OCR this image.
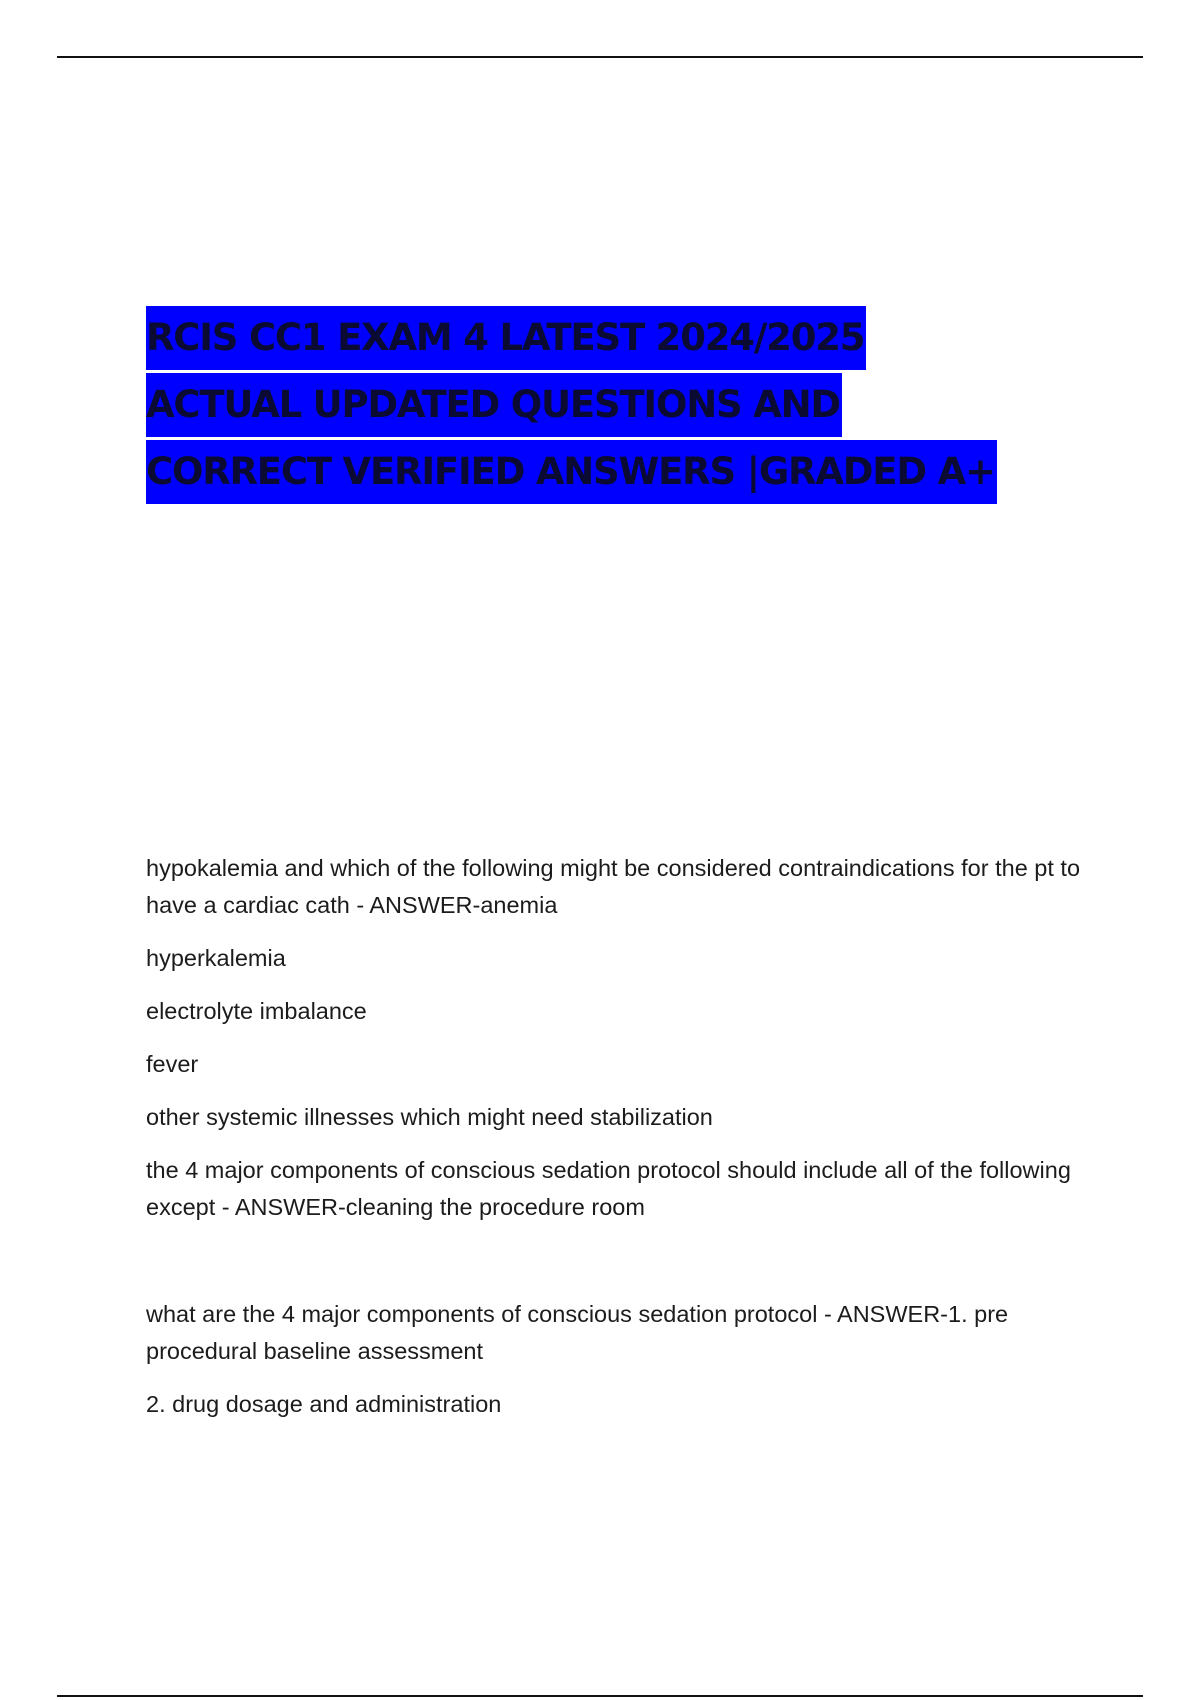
RCIS CC1 EXAM 4 LATEST 2024/2025
ACTUAL UPDATED QUESTIONS AND
CORRECT VERIFIED ANSWERS |GRADED A+

hypokalemia and which of the following might be considered contraindications for the pt to have a cardiac cath - ANSWER-anemia

hyperkalemia

electrolyte imbalance

fever

other systemic illnesses which might need stabilization

the 4 major components of conscious sedation protocol should include all of the following except - ANSWER-cleaning the procedure room

what are the 4 major components of conscious sedation protocol - ANSWER-1. pre procedural baseline assessment

2. drug dosage and administration
